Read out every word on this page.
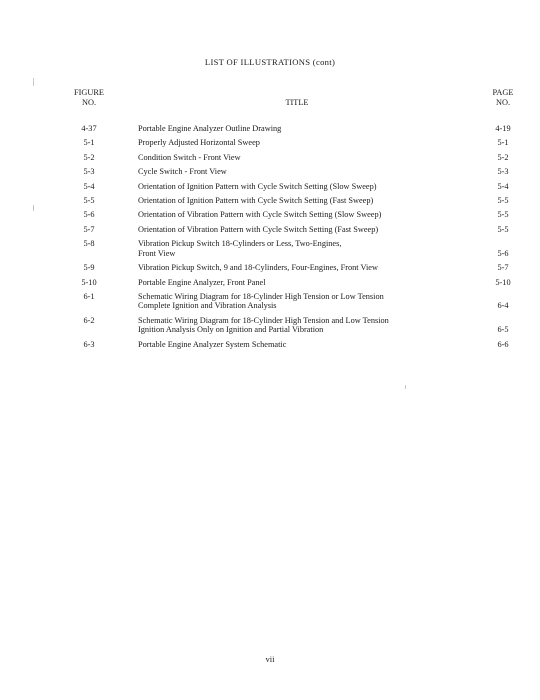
LIST OF ILLUSTRATIONS (cont)
FIGURE
NO.	TITLE
PAGE
NO.
4-37	Portable Engine Analyzer Outline Drawing	4-19
5-1	Properly Adjusted Horizontal Sweep	5-1
5-2	Condition Switch - Front View	5-2
5-3	Cycle Switch - Front View	5-3
5-4	Orientation of Ignition Pattern with Cycle Switch Setting (Slow Sweep)	5-4
5-5	Orientation of Ignition Pattern with Cycle Switch Setting (Fast Sweep)	5-5
5-6	Orientation of Vibration Pattern with Cycle Switch Setting (Slow Sweep)	5-5
5-7	Orientation of Vibration Pattern with Cycle Switch Setting (Fast Sweep)	5-5
5-8	Vibration Pickup Switch 18-Cylinders or Less, Two-Engines,
Front View	5-6
5-9	Vibration Pickup Switch, 9 and 18-Cylinders, Four-Engines, Front View	5-7
5-10	Portable Engine Analyzer, Front Panel	5-10
6-1	Schematic Wiring Diagram for 18-Cylinder High Tension or Low Tension
Complete Ignition and Vibration Analysis	6-4
6-2	Schematic Wiring Diagram for 18-Cylinder High Tension and Low Tension
Ignition Analysis Only on Ignition and Partial Vibration	6-5
6-3	Portable Engine Analyzer System Schematic	6-6
vii
